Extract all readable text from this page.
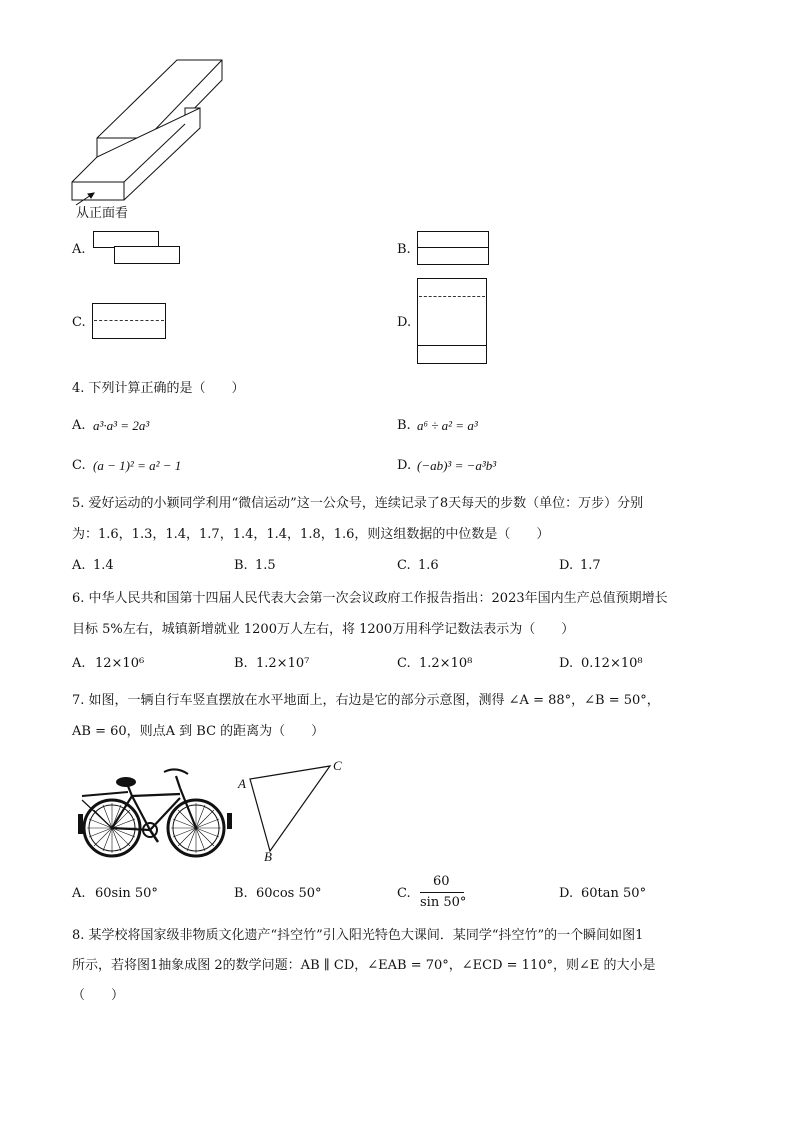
从正面看
A.	B.
C.	D.
4. 下列计算正确的是（　　）
A. a³·a³ = 2a³	B. a⁶ ÷ a² = a³
C. (a − 1)² = a² − 1	D. (−ab)³ = −a³b³
5. 爱好运动的小颖同学利用“微信运动”这一公众号，连续记录了8天每天的步数（单位：万步）分别
为：1.6，1.3，1.4，1.7，1.4，1.4，1.8，1.6，则这组数据的中位数是（　　）
A. 1.4	B. 1.5	C. 1.6	D. 1.7
6. 中华人民共和国第十四届人民代表大会第一次会议政府工作报告指出：2023年国内生产总值预期增长
目标 5%左右，城镇新增就业 1200万人左右，将 1200万用科学记数法表示为（　　）
A. 12×10⁶	B. 1.2×10⁷	C. 1.2×10⁸	D. 0.12×10⁸
7. 如图，一辆自行车竖直摆放在水平地面上，右边是它的部分示意图，测得 ∠A = 88°，∠B = 50°，
AB = 60，则点A 到 BC 的距离为（　　）
A
B
C
A. 60sin 50°	B. 60cos 50°	C.
60
sin 50°
D. 60tan 50°
8. 某学校将国家级非物质文化遗产“抖空竹”引入阳光特色大课间．某同学“抖空竹”的一个瞬间如图1
所示，若将图1抽象成图 2的数学问题：AB ∥ CD，∠EAB = 70°，∠ECD = 110°，则∠E 的大小是
（　　）
